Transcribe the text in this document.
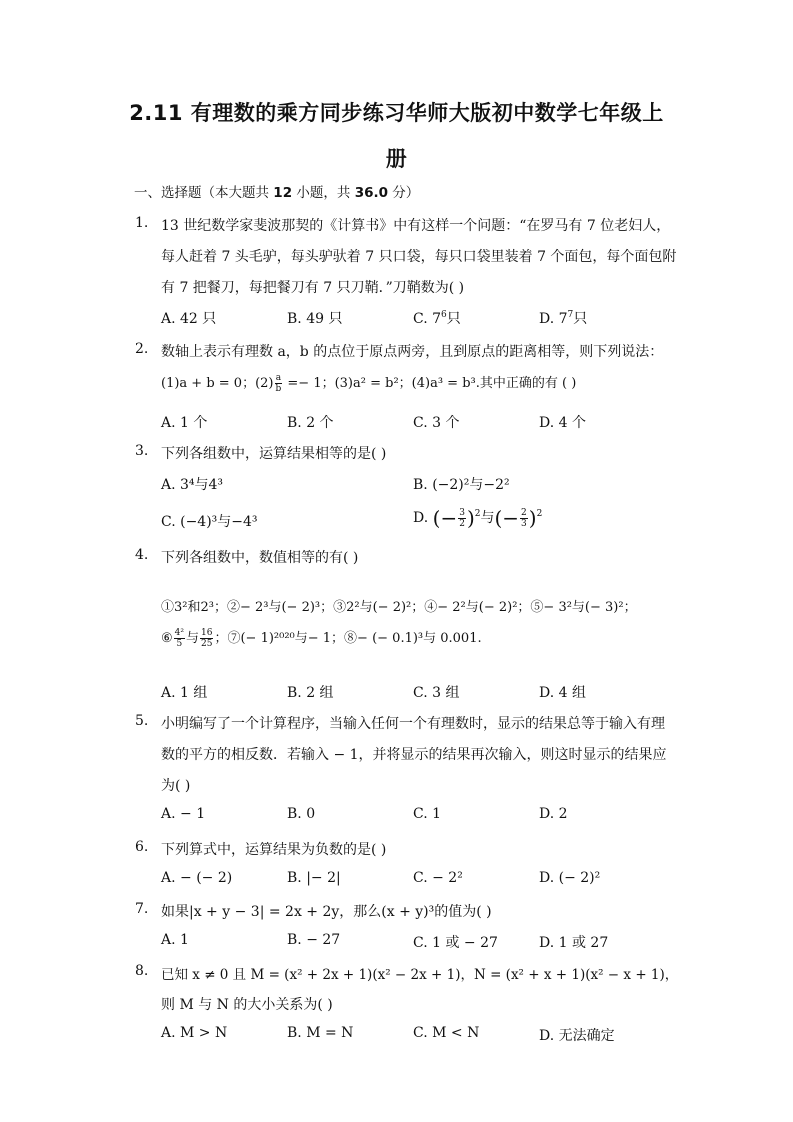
2.11 有理数的乘方同步练习华师大版初中数学七年级上
册
一、选择题（本大题共 12 小题，共 36.0 分）
1. 13 世纪数学家斐波那契的《计算书》中有这样一个问题：“在罗马有 7 位老妇人，
每人赶着 7 头毛驴，每头驴驮着 7 只口袋，每只口袋里装着 7 个面包，每个面包附
有 7 把餐刀，每把餐刀有 7 只刀鞘．”刀鞘数为( )
A. 42 只	B. 49 只	C. $7^6$只	D. $7^7$只
2. 数轴上表示有理数 a，b 的点位于原点两旁，且到原点的距离相等，则下列说法：
(1)a + b = 0；$(2) \frac{a}{b} =- 1$；(3)a² = b²；(4)a³ = b³.其中正确的有 ( )
A. 1 个	B. 2 个	C. 3 个	D. 4 个
3. 下列各组数中，运算结果相等的是( )
A. 3⁴与4³	B. (−2)²与−2²
C. (−4)³与−4³	D. (− $\frac{3}{2} )^2$与(− $\frac{2}{3} )^2$
4. 下列各组数中，数值相等的有( )
①3²和2³；②− 2³与(− 2)³；③2²与(− 2)²；④− 2²与(− 2)²；⑤− 3²与(− 3)²；
⑥ $\frac{\text{4²}}{5}$ 与 $\frac{16}{25}$ ；⑦(− 1)²⁰²⁰与− 1；⑧− (− 0.1)³与 0.001.
A. 1 组	B. 2 组	C. 3 组	D. 4 组
5. 小明编写了一个计算程序，当输入任何一个有理数时，显示的结果总等于输入有理
数的平方的相反数．若输入 − 1，并将显示的结果再次输入，则这时显示的结果应
为( )
A. − 1	B. 0	C. 1	D. 2
6. 下列算式中，运算结果为负数的是( )
A. − (− 2)	B. |− 2|	C. − 2²	D. (− 2)²
7. 如果|x + y − 3| = 2x + 2y，那么(x + y)³的值为( )
A. 1	B. − 27	C. 1 或 − 27	D. 1 或 27
8. 已知 x ≠ 0 且 M = (x² + 2x + 1)(x² − 2x + 1)，N = (x² + x + 1)(x² − x + 1)，
则 M 与 N 的大小关系为( )
A. M > N	B. M = N	C. M < N	D. 无法确定
